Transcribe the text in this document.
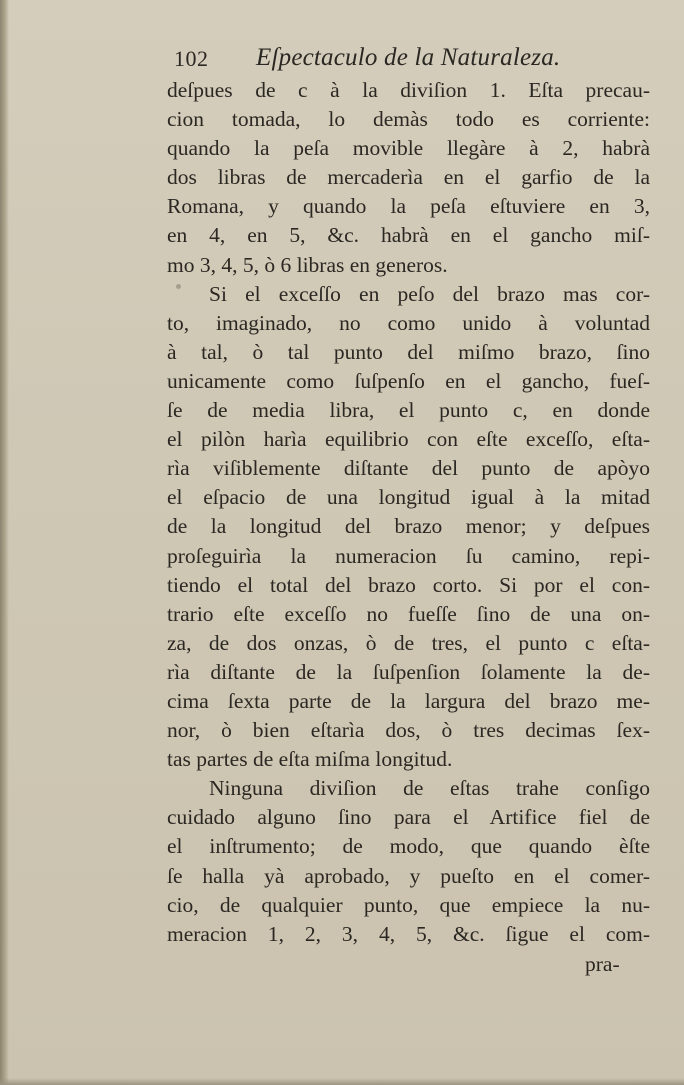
102 Eſpectaculo de la Naturaleza.
deſpues de c à la diviſion 1. Eſta precau-
cion tomada, lo demàs todo es corriente:
quando la peſa movible llegàre à 2, habrà
dos libras de mercaderìa en el garfio de la
Romana, y quando la peſa eſtuviere en 3,
en 4, en 5, &c. habrà en el gancho miſ-
mo 3, 4, 5, ò 6 libras en generos.
Si el exceſſo en peſo del brazo mas cor-
to, imaginado, no como unido à voluntad
à tal, ò tal punto del miſmo brazo, ſino
unicamente como ſuſpenſo en el gancho, fueſ-
ſe de media libra, el punto c, en donde
el pilòn harìa equilibrio con eſte exceſſo, eſta-
rìa viſiblemente diſtante del punto de apòyo
el eſpacio de una longitud igual à la mitad
de la longitud del brazo menor; y deſpues
proſeguirìa la numeracion ſu camino, repi-
tiendo el total del brazo corto. Si por el con-
trario eſte exceſſo no fueſſe ſino de una on-
za, de dos onzas, ò de tres, el punto c eſta-
rìa diſtante de la ſuſpenſion ſolamente la de-
cima ſexta parte de la largura del brazo me-
nor, ò bien eſtarìa dos, ò tres decimas ſex-
tas partes de eſta miſma longitud.
Ninguna diviſion de eſtas trahe conſigo
cuidado alguno ſino para el Artifice fiel de
el inſtrumento; de modo, que quando èſte
ſe halla yà aprobado, y pueſto en el comer-
cio, de qualquier punto, que empiece la nu-
meracion 1, 2, 3, 4, 5, &c. ſigue el com-
pra-
